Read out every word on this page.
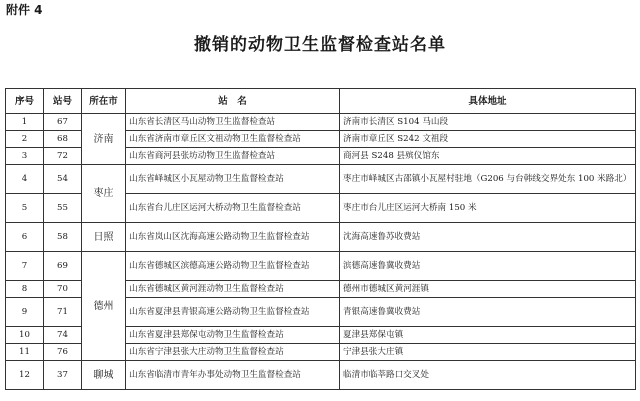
附件 4
撤销的动物卫生监督检查站名单
序号	站号	所在市	站　名	具体地址
1	67	济南	山东省长清区马山动物卫生监督检查站	济南市长清区 S104 马山段
2	68		山东省济南市章丘区文祖动物卫生监督检查站	济南市章丘区 S242 文祖段
3	72		山东省商河县张坊动物卫生监督检查站	商河县 S248 县殡仪馆东
4	54	枣庄	山东省峄城区小瓦屋动物卫生监督检查站	枣庄市峄城区古邵镇小瓦屋村驻地（G206 与台韩线交界处东 100 米路北）
5	55		山东省台儿庄区运河大桥动物卫生监督检查站	枣庄市台儿庄区运河大桥南 150 米
6	58	日照	山东省岚山区沈海高速公路动物卫生监督检查站	沈海高速鲁苏收费站
7	69	德州	山东省德城区滨德高速公路动物卫生监督检查站	滨德高速鲁冀收费站
8	70		山东省德城区黄河涯动物卫生监督检查站	德州市德城区黄河涯镇
9	71		山东省夏津县青银高速公路动物卫生监督检查站	青银高速鲁冀收费站
10	74		山东省夏津县郑保屯动物卫生监督检查站	夏津县郑保屯镇
11	76		山东省宁津县张大庄动物卫生监督检查站	宁津县张大庄镇
12	37	聊城	山东省临清市青年办事处动物卫生监督检查站	临清市临莘路口交叉处
